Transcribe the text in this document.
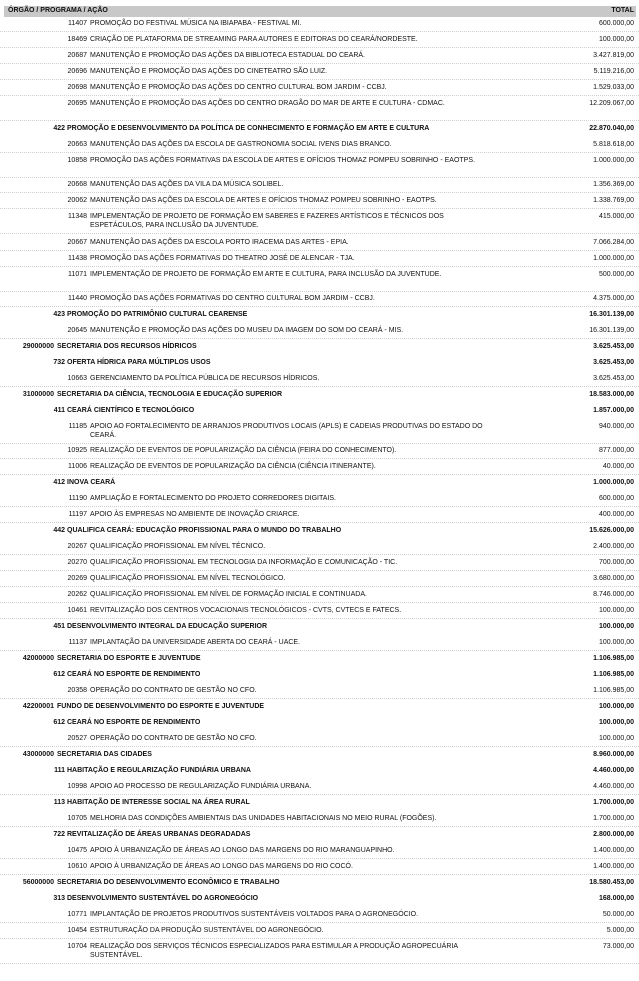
ÓRGÃO / PROGRAMA / AÇÃO	TOTAL
11407 PROMOÇÃO DO FESTIVAL MÚSICA NA IBIAPABA - FESTIVAL MI.	600.000,00
18469 CRIAÇÃO DE PLATAFORMA DE STREAMING PARA AUTORES E EDITORAS DO CEARÁ/NORDESTE.	100.000,00
20687 MANUTENÇÃO E PROMOÇÃO DAS AÇÕES DA BIBLIOTECA ESTADUAL DO CEARÁ.	3.427.819,00
20696 MANUTENÇÃO E PROMOÇÃO DAS AÇÕES DO CINETEATRO SÃO LUIZ.	5.119.216,00
20698 MANUTENÇÃO E PROMOÇÃO DAS AÇÕES DO CENTRO CULTURAL BOM JARDIM - CCBJ.	1.529.033,00
20695 MANUTENÇÃO E PROMOÇÃO DAS AÇÕES DO CENTRO DRAGÃO DO MAR DE ARTE E CULTURA - CDMAC.	12.209.067,00
422 PROMOÇÃO E DESENVOLVIMENTO DA POLÍTICA DE CONHECIMENTO E FORMAÇÃO EM ARTE E CULTURA	22.870.040,00
20663 MANUTENÇÃO DAS AÇÕES DA ESCOLA DE GASTRONOMIA SOCIAL IVENS DIAS BRANCO.	5.818.618,00
10858 PROMOÇÃO DAS AÇÕES FORMATIVAS DA ESCOLA DE ARTES E OFÍCIOS THOMAZ POMPEU SOBRINHO - EAOTPS.	1.000.000,00
20668 MANUTENÇÃO DAS AÇÕES DA VILA DA MÚSICA SOLIBEL.	1.356.369,00
20062 MANUTENÇÃO DAS AÇÕES DA ESCOLA DE ARTES E OFÍCIOS THOMAZ POMPEU SOBRINHO - EAOTPS.	1.338.769,00
11348 IMPLEMENTAÇÃO DE PROJETO DE FORMAÇÃO EM SABERES E FAZERES ARTÍSTICOS E TÉCNICOS DOS ESPETÁCULOS, PARA INCLUSÃO DA JUVENTUDE.
415.000,00
20667 MANUTENÇÃO DAS AÇÕES DA ESCOLA PORTO IRACEMA DAS ARTES - EPIA.	7.066.284,00
11438 PROMOÇÃO DAS AÇÕES FORMATIVAS DO THEATRO JOSÉ DE ALENCAR - TJA.	1.000.000,00
11071 IMPLEMENTAÇÃO DE PROJETO DE FORMAÇÃO EM ARTE E CULTURA, PARA INCLUSÃO DA JUVENTUDE.	500.000,00
11440 PROMOÇÃO DAS AÇÕES FORMATIVAS DO CENTRO CULTURAL BOM JARDIM - CCBJ.	4.375.000,00
423 PROMOÇÃO DO PATRIMÔNIO CULTURAL CEARENSE	16.301.139,00
20645 MANUTENÇÃO E PROMOÇÃO DAS AÇÕES DO MUSEU DA IMAGEM DO SOM DO CEARÁ - MIS.	16.301.139,00
29000000 SECRETARIA DOS RECURSOS HÍDRICOS	3.625.453,00
732 OFERTA HÍDRICA PARA MÚLTIPLOS USOS	3.625.453,00
10663 GERENCIAMENTO DA POLÍTICA PÚBLICA DE RECURSOS HÍDRICOS.	3.625.453,00
31000000 SECRETARIA DA CIÊNCIA, TECNOLOGIA E EDUCAÇÃO SUPERIOR	18.583.000,00
411 CEARÁ CIENTÍFICO E TECNOLÓGICO	1.857.000,00
11185 APOIO AO FORTALECIMENTO DE ARRANJOS PRODUTIVOS LOCAIS (APLS) E CADEIAS PRODUTIVAS DO ESTADO DO CEARÁ.
940.000,00
10925 REALIZAÇÃO DE EVENTOS DE POPULARIZAÇÃO DA CIÊNCIA (FEIRA DO CONHECIMENTO).	877.000,00
11006 REALIZAÇÃO DE EVENTOS DE POPULARIZAÇÃO DA CIÊNCIA (CIÊNCIA ITINERANTE).	40.000,00
412 INOVA CEARÁ	1.000.000,00
11190 AMPLIAÇÃO E FORTALECIMENTO DO PROJETO CORREDORES DIGITAIS.	600.000,00
11197 APOIO ÀS EMPRESAS NO AMBIENTE DE INOVAÇÃO CRIARCE.	400.000,00
442 QUALIFICA CEARÁ: EDUCAÇÃO PROFISSIONAL PARA O MUNDO DO TRABALHO	15.626.000,00
20267 QUALIFICAÇÃO PROFISSIONAL EM NÍVEL TÉCNICO.	2.400.000,00
20270 QUALIFICAÇÃO PROFISSIONAL EM TECNOLOGIA DA INFORMAÇÃO E COMUNICAÇÃO - TIC.	700.000,00
20269 QUALIFICAÇÃO PROFISSIONAL EM NÍVEL TECNOLÓGICO.	3.680.000,00
20262 QUALIFICAÇÃO PROFISSIONAL EM NÍVEL DE FORMAÇÃO INICIAL E CONTINUADA.	8.746.000,00
10461 REVITALIZAÇÃO DOS CENTROS VOCACIONAIS TECNOLÓGICOS - CVTS, CVTECS E FATECS.	100.000,00
451 DESENVOLVIMENTO INTEGRAL DA EDUCAÇÃO SUPERIOR	100.000,00
11137 IMPLANTAÇÃO DA UNIVERSIDADE ABERTA DO CEARÁ - UACE.	100.000,00
42000000 SECRETARIA DO ESPORTE E JUVENTUDE	1.106.985,00
612 CEARÁ NO ESPORTE DE RENDIMENTO	1.106.985,00
20358 OPERAÇÃO DO CONTRATO DE GESTÃO NO CFO.	1.106.985,00
42200001 FUNDO DE DESENVOLVIMENTO DO ESPORTE E JUVENTUDE	100.000,00
612 CEARÁ NO ESPORTE DE RENDIMENTO	100.000,00
20527 OPERAÇÃO DO CONTRATO DE GESTÃO NO CFO.	100.000,00
43000000 SECRETARIA DAS CIDADES	8.960.000,00
111 HABITAÇÃO E REGULARIZAÇÃO FUNDIÁRIA URBANA	4.460.000,00
10998 APOIO AO PROCESSO DE REGULARIZAÇÃO FUNDIÁRIA URBANA.	4.460.000,00
113 HABITAÇÃO DE INTERESSE SOCIAL NA ÁREA RURAL	1.700.000,00
10705 MELHORIA DAS CONDIÇÕES AMBIENTAIS DAS UNIDADES HABITACIONAIS NO MEIO RURAL (FOGÕES).	1.700.000,00
722 REVITALIZAÇÃO DE ÁREAS URBANAS DEGRADADAS	2.800.000,00
10475 APOIO À URBANIZAÇÃO DE ÁREAS AO LONGO DAS MARGENS DO RIO MARANGUAPINHO.	1.400.000,00
10610 APOIO À URBANIZAÇÃO DE ÁREAS AO LONGO DAS MARGENS DO RIO COCÓ.	1.400.000,00
56000000 SECRETARIA DO DESENVOLVIMENTO ECONÔMICO E TRABALHO	18.580.453,00
313 DESENVOLVIMENTO SUSTENTÁVEL DO AGRONEGÓCIO	168.000,00
10771 IMPLANTAÇÃO DE PROJETOS PRODUTIVOS SUSTENTÁVEIS VOLTADOS PARA O AGRONEGÓCIO.	50.000,00
10454 ESTRUTURAÇÃO DA PRODUÇÃO SUSTENTÁVEL DO AGRONEGÓCIO.	5.000,00
10704 REALIZAÇÃO DOS SERVIÇOS TÉCNICOS ESPECIALIZADOS PARA ESTIMULAR A PRODUÇÃO AGROPECUÁRIA SUSTENTÁVEL.
73.000,00
